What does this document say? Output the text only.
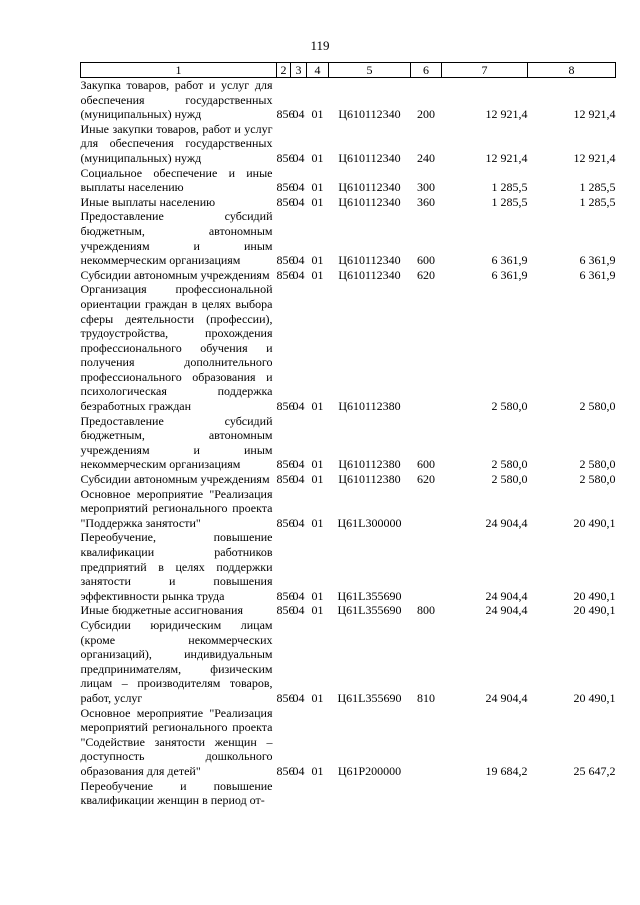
119
1	2	3	4	5	6	7	8
Закупка товаров, работ и услуг для обеспечения государственных (муниципальных) нужд	856	04	01	Ц610112340	200	12 921,4	12 921,4
Иные закупки товаров, работ и услуг для обеспечения государственных (муниципальных) нужд	856	04	01	Ц610112340	240	12 921,4	12 921,4
Социальное обеспечение и иные выплаты населению	856	04	01	Ц610112340	300	1 285,5	1 285,5
Иные выплаты населению	856	04	01	Ц610112340	360	1 285,5	1 285,5
Предоставление субсидий бюджетным, автономным учреждениям и иным некоммерческим организациям	856	04	01	Ц610112340	600	6 361,9	6 361,9
Субсидии автономным учреждениям	856	04	01	Ц610112340	620	6 361,9	6 361,9
Организация профессиональной ориентации граждан в целях выбора сферы деятельности (профессии), трудоустройства, прохождения профессионального обучения и получения дополнительного профессионального образования и психологическая поддержка безработных граждан	856	04	01	Ц610112380		2 580,0	2 580,0
Предоставление субсидий бюджетным, автономным учреждениям и иным некоммерческим организациям	856	04	01	Ц610112380	600	2 580,0	2 580,0
Субсидии автономным учреждениям	856	04	01	Ц610112380	620	2 580,0	2 580,0
Основное мероприятие "Реализация мероприятий регионального проекта "Поддержка занятости"	856	04	01	Ц61L300000		24 904,4	20 490,1
Переобучение, повышение квалификации работников предприятий в целях поддержки занятости и повышения эффективности рынка труда	856	04	01	Ц61L355690		24 904,4	20 490,1
Иные бюджетные ассигнования	856	04	01	Ц61L355690	800	24 904,4	20 490,1
Субсидии юридическим лицам (кроме некоммерческих организаций), индивидуальным предпринимателям, физическим лицам – производителям товаров, работ, услуг	856	04	01	Ц61L355690	810	24 904,4	20 490,1
Основное мероприятие "Реализация мероприятий регионального проекта "Содействие занятости женщин – доступность дошкольного образования для детей"	856	04	01	Ц61P200000		19 684,2	25 647,2
Переобучение и повышение квалификации женщин в период от-							
